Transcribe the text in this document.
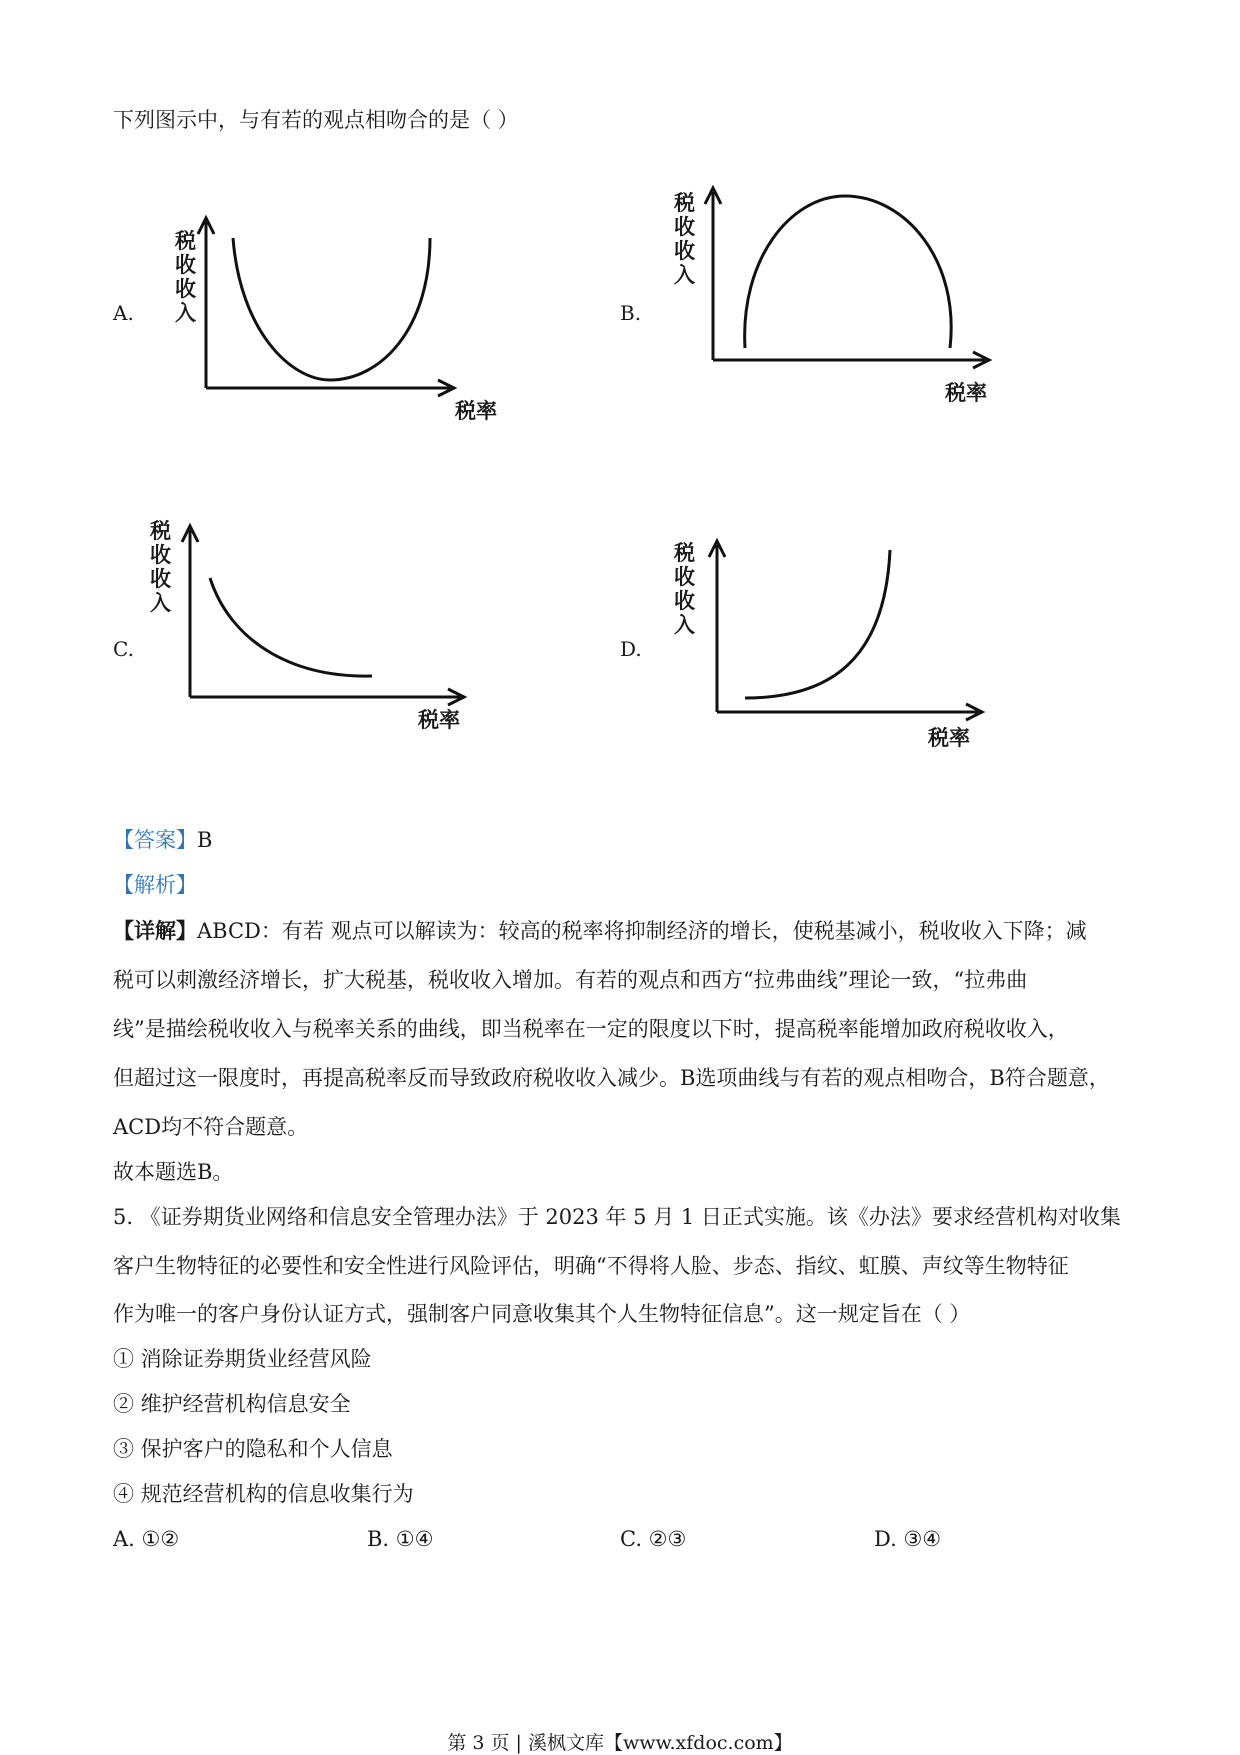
下列图示中，与有若的观点相吻合的是（ ）
A.	B.
C.	D.
税
收
收
入
税率
税
收
收
入
税率
税
收
收
入
税率
税
收
收
入
税率
【答案】B
【解析】
【详解】ABCD：有若 观点可以解读为：较高的税率将抑制经济的增长，使税基减小，税收收入下降；减
税可以刺激经济增长，扩大税基，税收收入增加。有若的观点和西方“拉弗曲线”理论一致，“拉弗曲
线”是描绘税收收入与税率关系的曲线，即当税率在一定的限度以下时，提高税率能增加政府税收收入，
但超过这一限度时，再提高税率反而导致政府税收收入减少。B选项曲线与有若的观点相吻合，B符合题意，
ACD均不符合题意。
故本题选B。
5. 《证券期货业网络和信息安全管理办法》于 2023 年 5 月 1 日正式实施。该《办法》要求经营机构对收集
客户生物特征的必要性和安全性进行风险评估，明确“不得将人脸、步态、指纹、虹膜、声纹等生物特征
作为唯一的客户身份认证方式，强制客户同意收集其个人生物特征信息”。这一规定旨在（ ）
① 消除证券期货业经营风险
② 维护经营机构信息安全
③ 保护客户的隐私和个人信息
④ 规范经营机构的信息收集行为
A. ①②	B. ①④	C. ②③	D. ③④
第 3 页 | 溪枫文库【www.xfdoc.com】
